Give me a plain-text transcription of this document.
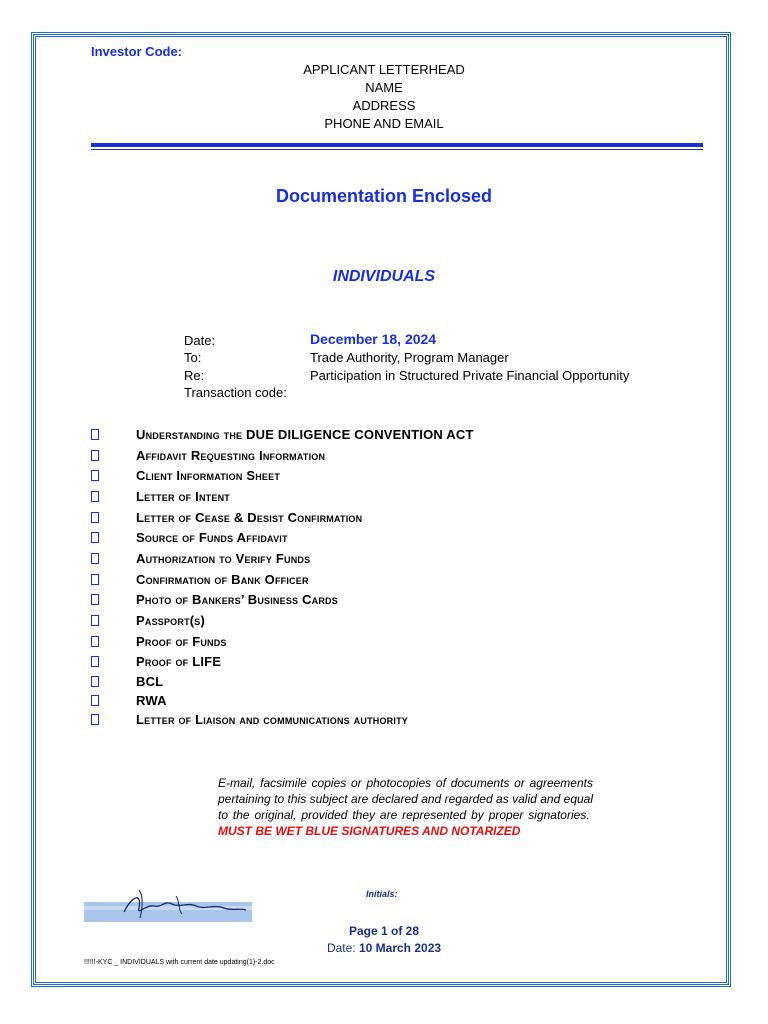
Investor Code:
APPLICANT LETTERHEAD
NAME
ADDRESS
PHONE AND EMAIL
Documentation Enclosed
INDIVIDUALS
Date:	December 18, 2024
To:	Trade Authority, Program Manager
Re:	Participation in Structured Private Financial Opportunity
Transaction code:
Understanding the DUE DILIGENCE CONVENTION ACT
Affidavit Requesting Information
Client Information Sheet
Letter of Intent
Letter of Cease & Desist Confirmation
Source of Funds Affidavit
Authorization to Verify Funds
Confirmation of Bank Officer
Photo of Bankers’ Business Cards
Passport(s)
Proof of Funds
Proof of LIFE
BCL
RWA
Letter of Liaison and communications authority
E-mail, facsimile copies or photocopies of documents or agreements pertaining to this subject are declared and regarded as valid and equal to the original, provided they are represented by proper signatories.  MUST BE WET BLUE SIGNATURES AND NOTARIZED
Initials:
Page 1 of 28
Date: 10 March 2023
!!!!!!-KYC _ INDIVIDUALS with current date updating(1)-2.doc
